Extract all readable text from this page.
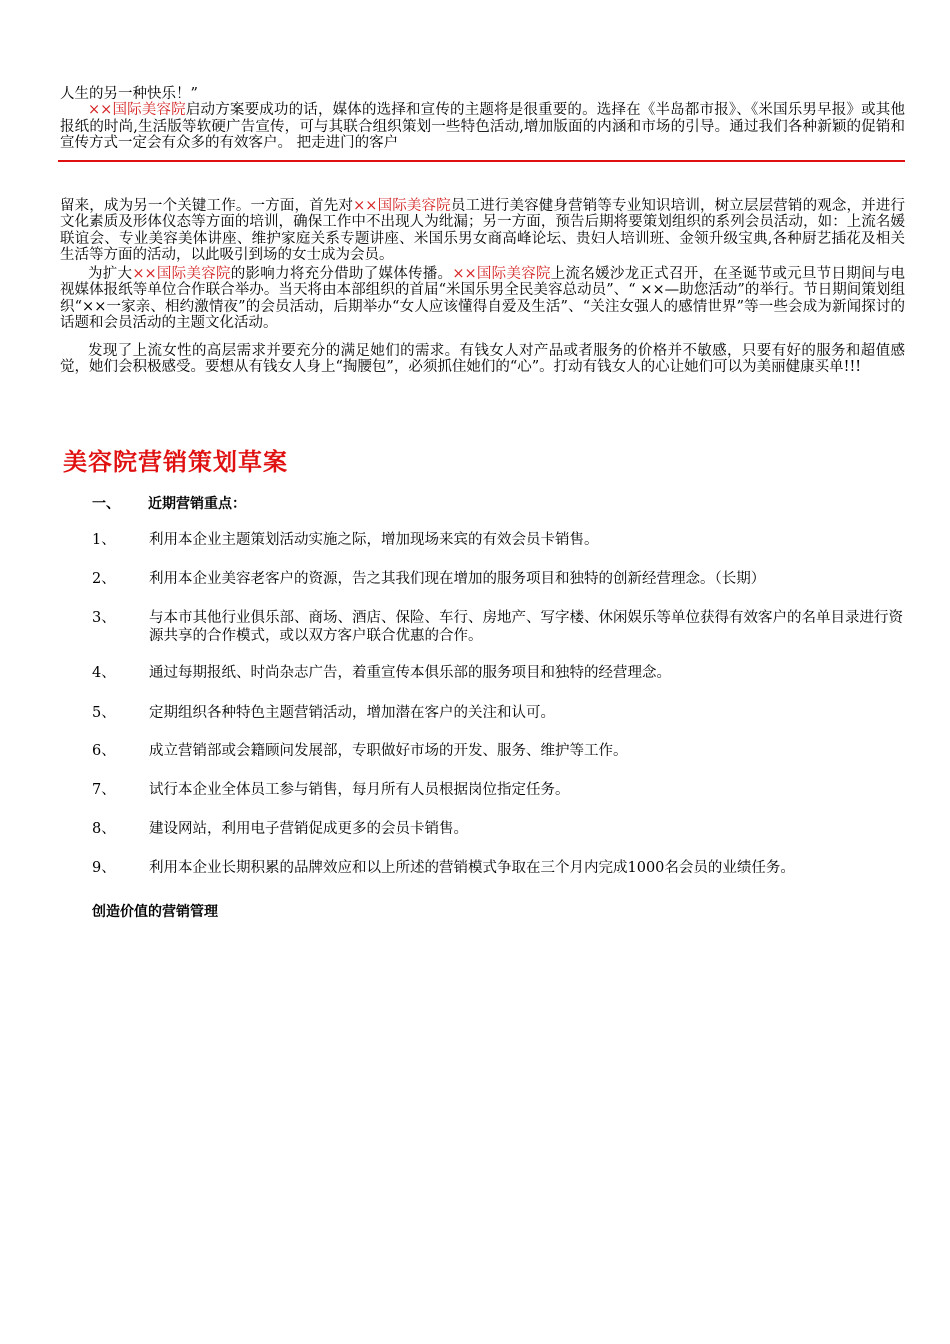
人生的另一种快乐！”
××国际美容院启动方案要成功的话，媒体的选择和宣传的主题将是很重要的。选择在《半岛都市报》、《米国乐男早报》或其他报纸的时尚,生活版等软硬广告宣传，可与其联合组织策划一些特色活动,增加版面的内涵和市场的引导。通过我们各种新颖的促销和宣传方式一定会有众多的有效客户。 把走进门的客户
留来，成为另一个关键工作。一方面，首先对××国际美容院员工进行美容健身营销等专业知识培训，树立层层营销的观念，并进行文化素质及形体仪态等方面的培训，确保工作中不出现人为纰漏；另一方面，预告后期将要策划组织的系列会员活动，如：上流名媛联谊会、专业美容美体讲座、维护家庭关系专题讲座、米国乐男女商高峰论坛、贵妇人培训班、金领升级宝典,各种厨艺插花及相关生活等方面的活动，以此吸引到场的女士成为会员。
为扩大××国际美容院的影响力将充分借助了媒体传播。××国际美容院上流名媛沙龙正式召开，在圣诞节或元旦节日期间与电视媒体报纸等单位合作联合举办。当天将由本部组织的首届“米国乐男全民美容总动员”、“ ××—助您活动”的举行。节日期间策划组织“××一家亲、相约激情夜”的会员活动，后期举办“女人应该懂得自爱及生活”、“关注女强人的感情世界”等一些会成为新闻探讨的话题和会员活动的主题文化活动。
发现了上流女性的高层需求并要充分的满足她们的需求。有钱女人对产品或者服务的价格并不敏感，只要有好的服务和超值感觉，她们会积极感受。要想从有钱女人身上“掏腰包”，必须抓住她们的“心”。打动有钱女人的心让她们可以为美丽健康买单!!!
美容院营销策划草案
一、 近期营销重点：
1、	利用本企业主题策划活动实施之际，增加现场来宾的有效会员卡销售。
2、	利用本企业美容老客户的资源，告之其我们现在增加的服务项目和独特的创新经营理念。（长期）
3、	与本市其他行业俱乐部、商场、酒店、保险、车行、房地产、写字楼、休闲娱乐等单位获得有效客户的名单目录进行资源共享的合作模式，或以双方客户联合优惠的合作。
4、	通过每期报纸、时尚杂志广告，着重宣传本俱乐部的服务项目和独特的经营理念。
5、	定期组织各种特色主题营销活动，增加潜在客户的关注和认可。
6、	成立营销部或会籍顾问发展部，专职做好市场的开发、服务、维护等工作。
7、	试行本企业全体员工参与销售，每月所有人员根据岗位指定任务。
8、	建设网站，利用电子营销促成更多的会员卡销售。
9、	利用本企业长期积累的品牌效应和以上所述的营销模式争取在三个月内完成1000名会员的业绩任务。
创造价值的营销管理
